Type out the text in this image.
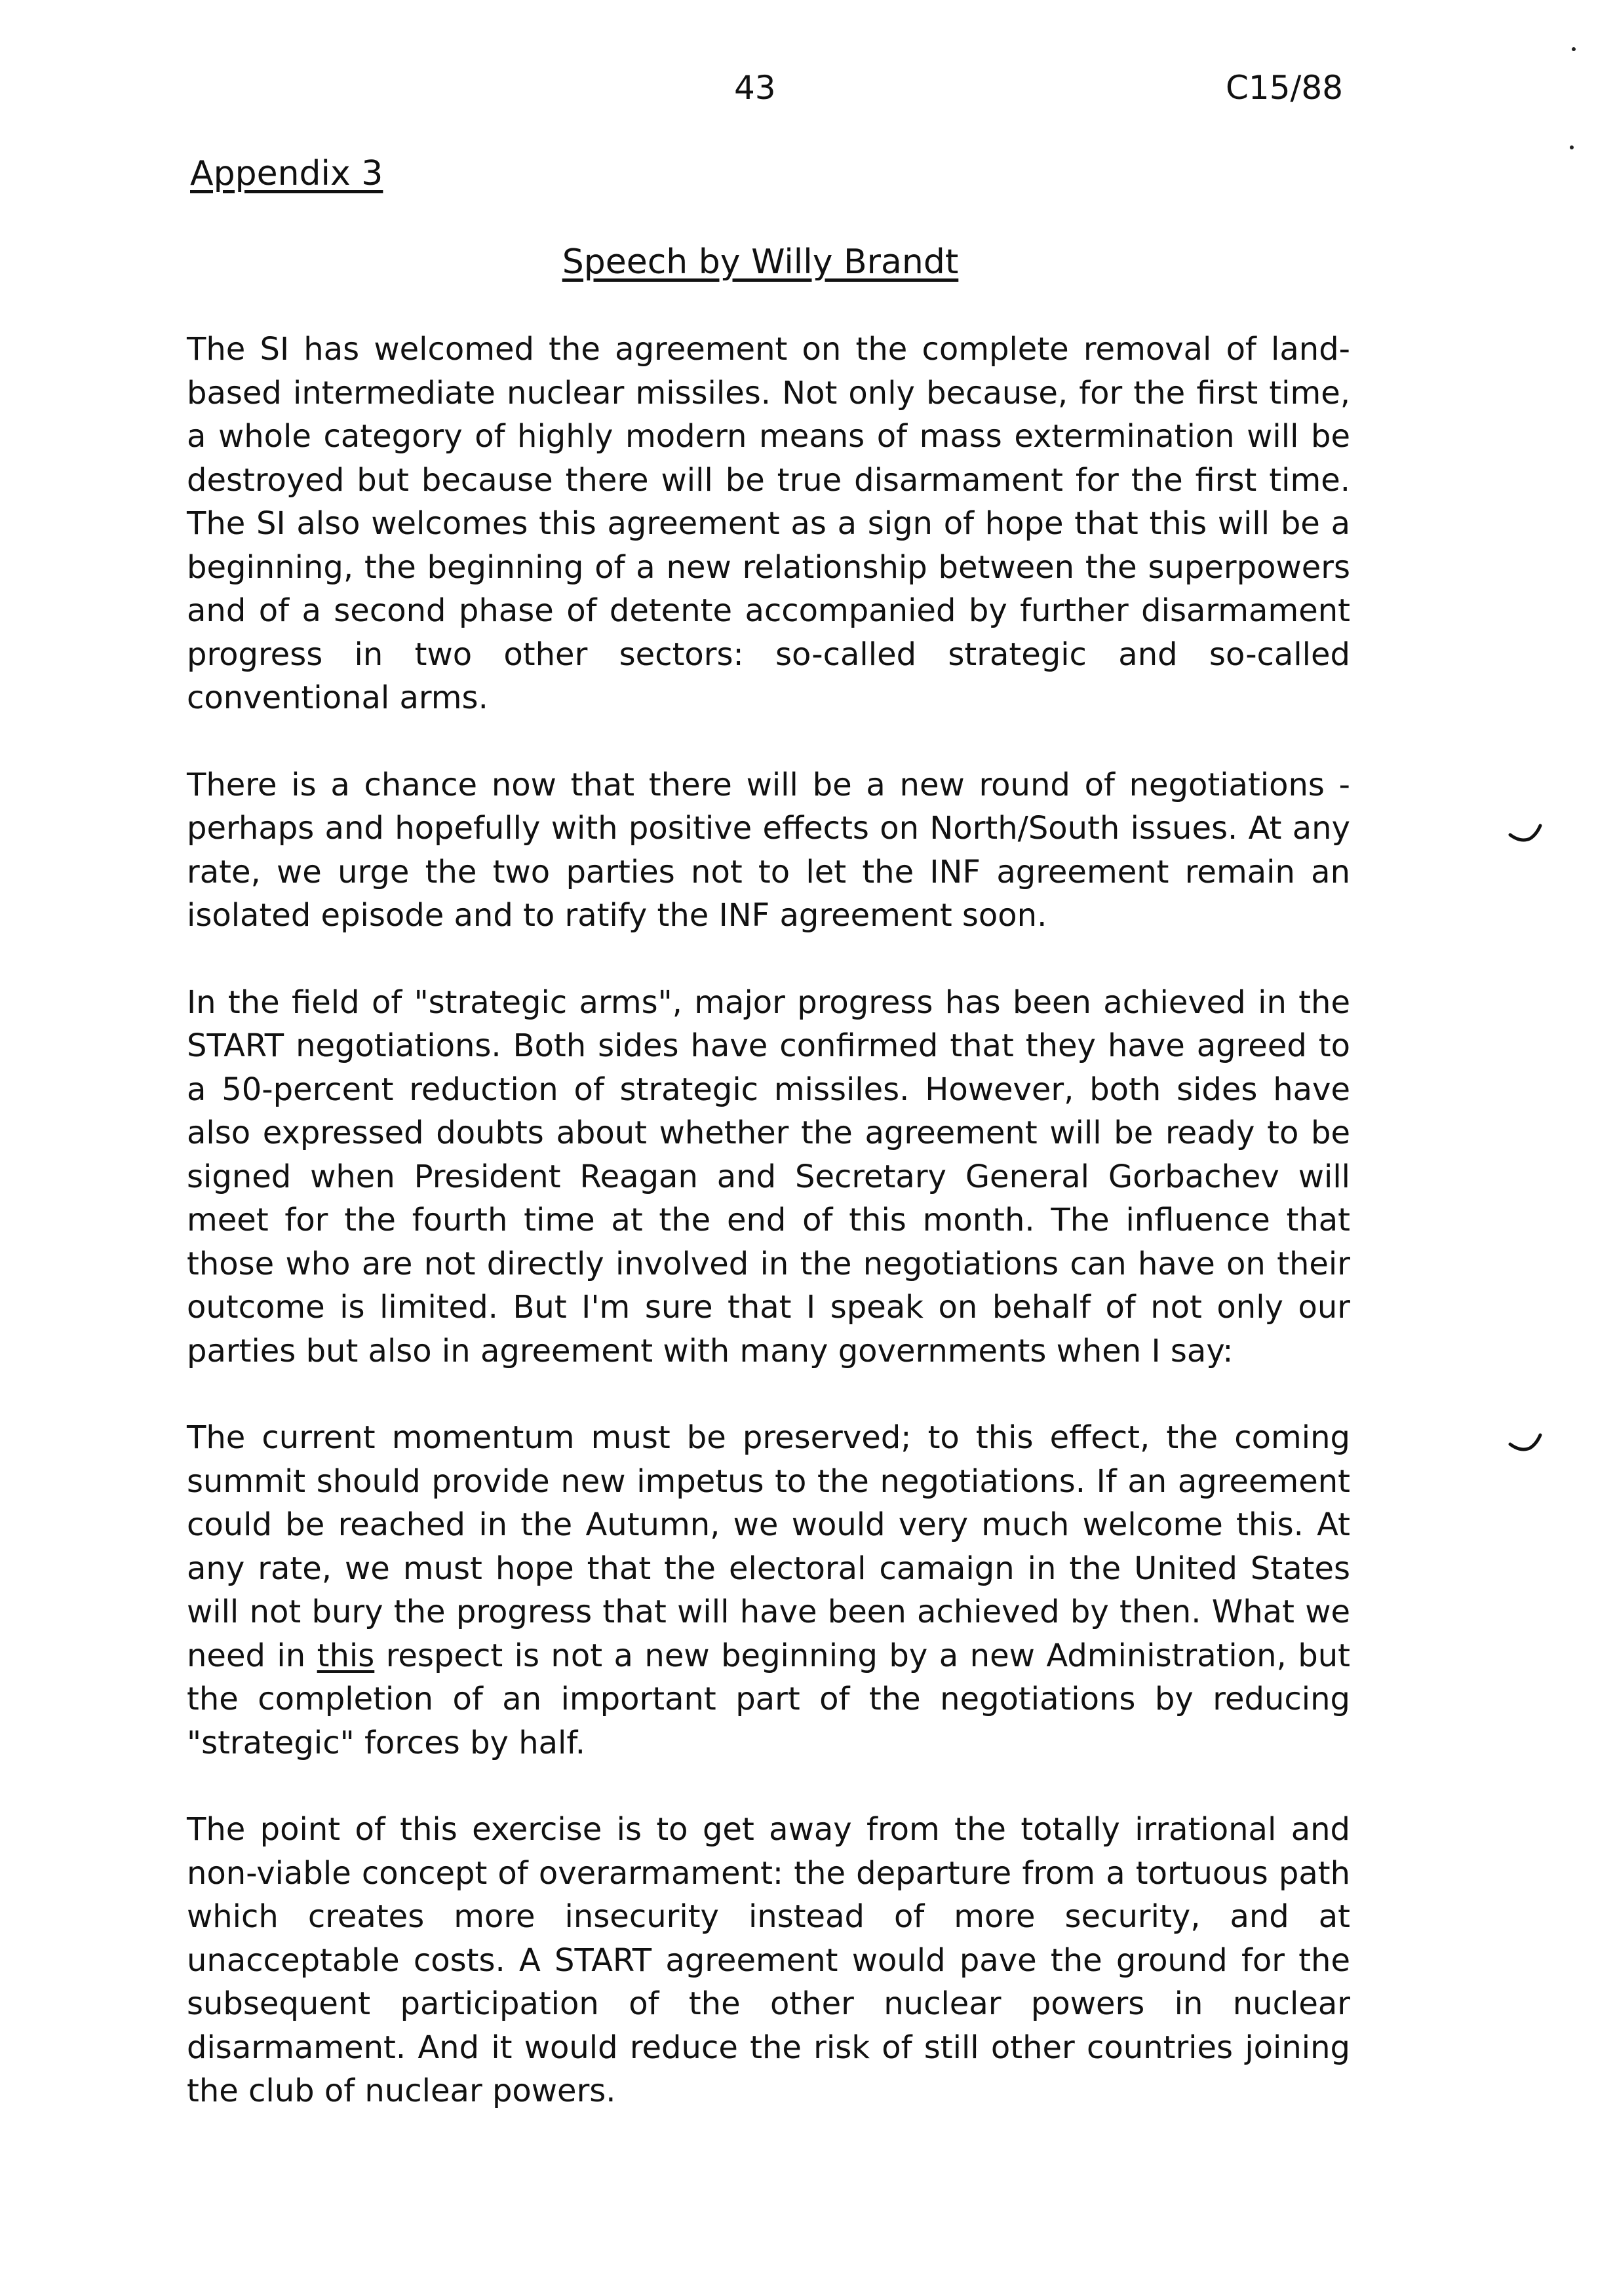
43	C15/88
Appendix 3
Speech by Willy Brandt

The SI has welcomed the agreement on the complete removal of land-based intermediate nuclear missiles. Not only because, for the first time, a whole category of highly modern means of mass extermination will be destroyed but because there will be true disarmament for the first time. The SI also welcomes this agreement as a sign of hope that this will be a beginning, the beginning of a new relationship between the superpowers and of a second phase of detente accompanied by further disarmament progress in two other sectors: so-called strategic and so-called conventional arms.

There is a chance now that there will be a new round of negotiations - perhaps and hopefully with positive effects on North/South issues. At any rate, we urge the two parties not to let the INF agreement remain an isolated episode and to ratify the INF agreement soon.

In the field of "strategic arms", major progress has been achieved in the START negotiations. Both sides have confirmed that they have agreed to a 50-percent reduction of strategic missiles. However, both sides have also expressed doubts about whether the agreement will be ready to be signed when President Reagan and Secretary General Gorbachev will meet for the fourth time at the end of this month. The influence that those who are not directly involved in the negotiations can have on their outcome is limited. But I'm sure that I speak on behalf of not only our parties but also in agreement with many governments when I say:

The current momentum must be preserved; to this effect, the coming summit should provide new impetus to the negotiations. If an agreement could be reached in the Autumn, we would very much welcome this. At any rate, we must hope that the electoral camaign in the United States will not bury the progress that will have been achieved by then. What we need in this respect is not a new beginning by a new Administration, but the completion of an important part of the negotiations by reducing "strategic" forces by half.

The point of this exercise is to get away from the totally irrational and non-viable concept of overarmament: the departure from a tortuous path which creates more insecurity instead of more security, and at unacceptable costs. A START agreement would pave the ground for the subsequent participation of the other nuclear powers in nuclear disarmament. And it would reduce the risk of still other countries joining the club of nuclear powers.
